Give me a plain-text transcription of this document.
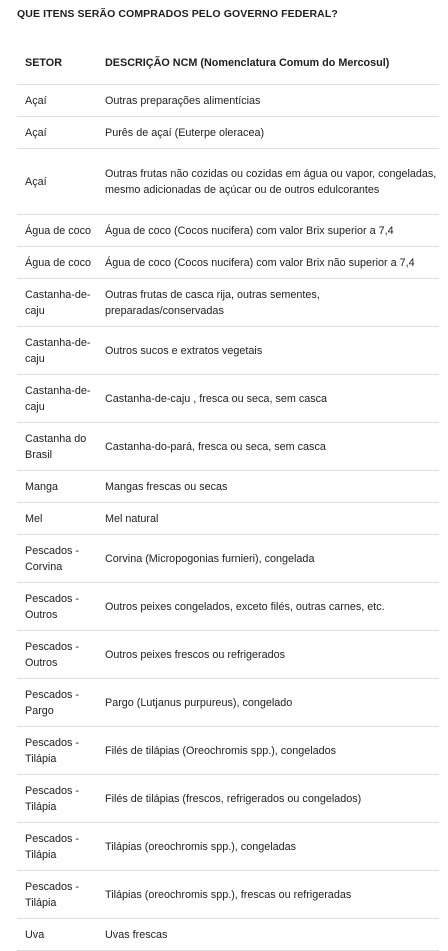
QUE ITENS SERÃO COMPRADOS PELO GOVERNO FEDERAL?
SETOR	DESCRIÇÃO NCM (Nomenclatura Comum do Mercosul)
Açaí	Outras preparações alimentícias
Açaí	Purês de açaí (Euterpe oleracea)
Açaí	Outras frutas não cozidas ou cozidas em água ou vapor, congeladas, mesmo adicionadas de açúcar ou de outros edulcorantes
Água de coco	Água de coco (Cocos nucifera) com valor Brix superior a 7,4
Água de coco	Água de coco (Cocos nucifera) com valor Brix não superior a 7,4
Castanha-de-caju	Outras frutas de casca rija, outras sementes, preparadas/conservadas
Castanha-de-caju	Outros sucos e extratos vegetais
Castanha-de-caju	Castanha-de-caju , fresca ou seca, sem casca
Castanha do Brasil	Castanha-do-pará, fresca ou seca, sem casca
Manga	Mangas frescas ou secas
Mel	Mel natural
Pescados - Corvina	Corvina (Micropogonias furnieri), congelada
Pescados - Outros	Outros peixes congelados, exceto filés, outras carnes, etc.
Pescados - Outros	Outros peixes frescos ou refrigerados
Pescados - Pargo	Pargo (Lutjanus purpureus), congelado
Pescados - Tilápia	Filés de tilápias (Oreochromis spp.), congelados
Pescados - Tilápia	Filés de tilápias (frescos, refrigerados ou congelados)
Pescados - Tilápia	Tilápias (oreochromis spp.), congeladas
Pescados - Tilápia	Tilápias (oreochromis spp.), frescas ou refrigeradas
Uva	Uvas frescas
